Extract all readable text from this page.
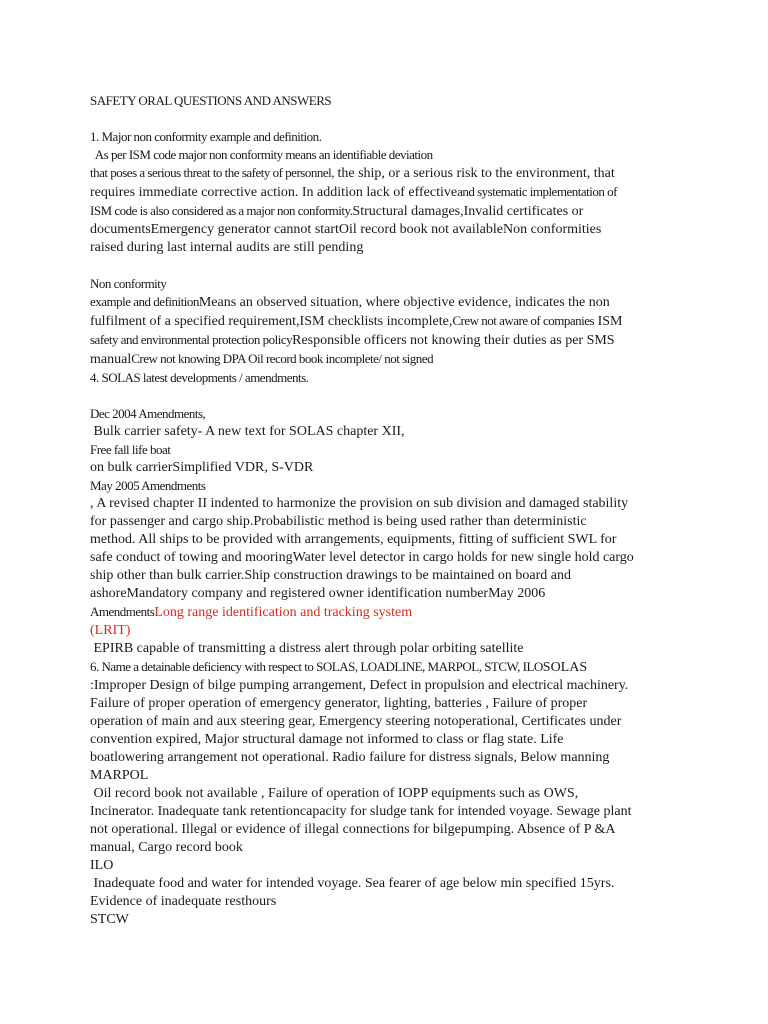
SAFETY ORAL QUESTIONS AND ANSWERS
1. Major non conformity example and definition.
As per ISM code major non conformity means an identifiable deviation
that poses a serious threat to the safety of personnel, the ship, or a serious risk to the environment, that
requires immediate corrective action. In addition lack of effectiveand systematic implementation of
ISM code is also considered as a major non conformity.Structural damages,Invalid certificates or
documentsEmergency generator cannot startOil record book not availableNon conformities
raised during last internal audits are still pending
Non conformity
example and definitionMeans an observed situation, where objective evidence, indicates the non
fulfilment of a specified requirement,ISM checklists incomplete,Crew not aware of companies ISM
safety and environmental protection policyResponsible officers not knowing their duties as per SMS
manualCrew not knowing DPA Oil record book incomplete/ not signed
4. SOLAS latest developments / amendments.
Dec 2004 Amendments,
Bulk carrier safety- A new text for SOLAS chapter XII,
Free fall life boat
on bulk carrierSimplified VDR, S-VDR
May 2005 Amendments
, A revised chapter II indented to harmonize the provision on sub division and damaged stability
for passenger and cargo ship.Probabilistic method is being used rather than deterministic
method. All ships to be provided with arrangements, equipments, fitting of sufficient SWL for
safe conduct of towing and mooringWater level detector in cargo holds for new single hold cargo
ship other than bulk carrier.Ship construction drawings to be maintained on board and
ashoreMandatory company and registered owner identification numberMay 2006
AmendmentsLong range identification and tracking system
(LRIT)
EPIRB capable of transmitting a distress alert through polar orbiting satellite
6. Name a detainable deficiency with respect to SOLAS, LOADLINE, MARPOL, STCW, ILOSOLAS
:Improper Design of bilge pumping arrangement, Defect in propulsion and electrical machinery.
Failure of proper operation of emergency generator, lighting, batteries , Failure of proper
operation of main and aux steering gear, Emergency steering notoperational, Certificates under
convention expired, Major structural damage not informed to class or flag state. Life
boatlowering arrangement not operational. Radio failure for distress signals, Below manning
MARPOL
Oil record book not available , Failure of operation of IOPP equipments such as OWS,
Incinerator. Inadequate tank retentioncapacity for sludge tank for intended voyage. Sewage plant
not operational. Illegal or evidence of illegal connections for bilgepumping. Absence of P &A
manual, Cargo record book
ILO
Inadequate food and water for intended voyage. Sea fearer of age below min specified 15yrs.
Evidence of inadequate resthours
STCW
